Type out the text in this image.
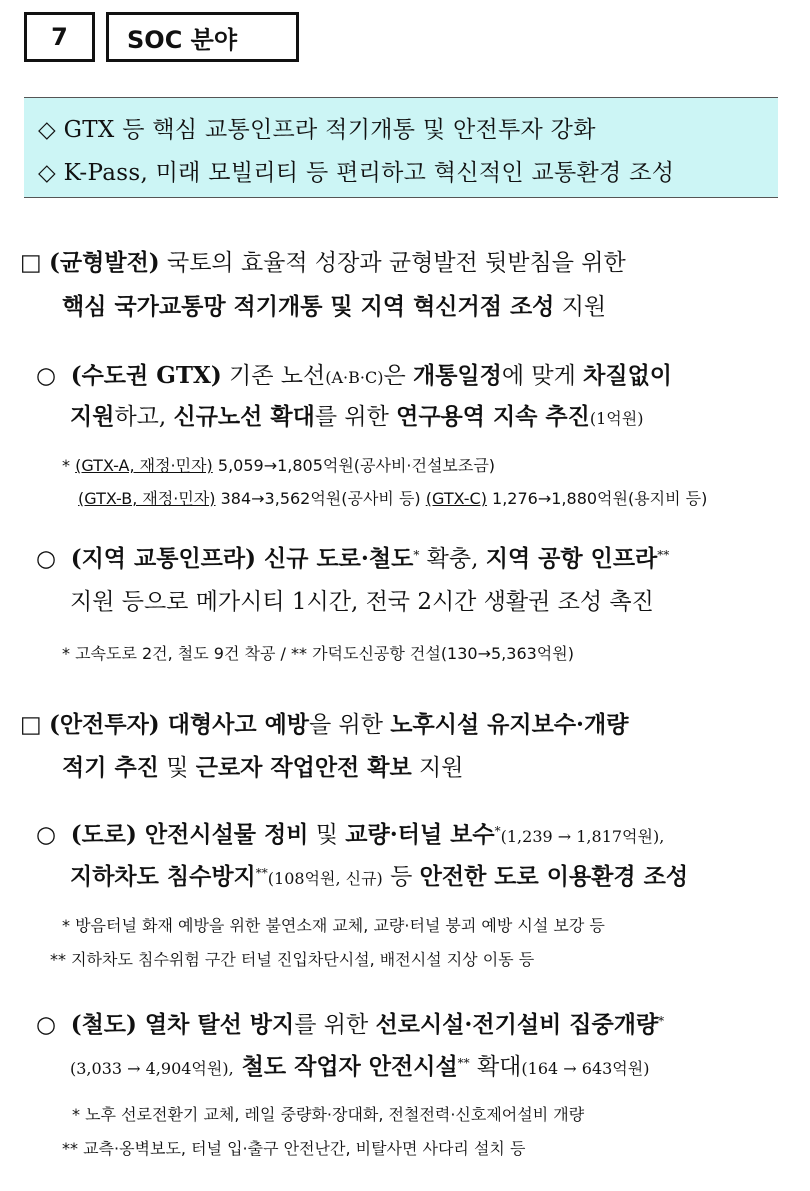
7	SOC 분야
◇ GTX 등 핵심 교통인프라 적기개통 및 안전투자 강화
◇ K-Pass, 미래 모빌리티 등 편리하고 혁신적인 교통환경 조성
□ (균형발전) 국토의 효율적 성장과 균형발전 뒷받침을 위한
핵심 국가교통망 적기개통 및 지역 혁신거점 조성 지원
○ (수도권 GTX) 기존 노선(A·B·C)은 개통일정에 맞게 차질없이
지원하고, 신규노선 확대를 위한 연구용역 지속 추진(1억원)
* (GTX-A, 재정·민자) 5,059→1,805억원(공사비·건설보조금)
(GTX-B, 재정·민자) 384→3,562억원(공사비 등) (GTX-C) 1,276→1,880억원(용지비 등)
○ (지역 교통인프라) 신규 도로·철도* 확충, 지역 공항 인프라**
지원 등으로 메가시티 1시간, 전국 2시간 생활권 조성 촉진
* 고속도로 2건, 철도 9건 착공 / ** 가덕도신공항 건설(130→5,363억원)
□ (안전투자) 대형사고 예방을 위한 노후시설 유지보수·개량
적기 추진 및 근로자 작업안전 확보 지원
○ (도로) 안전시설물 정비 및 교량·터널 보수*(1,239 → 1,817억원),
지하차도 침수방지**(108억원, 신규) 등 안전한 도로 이용환경 조성
* 방음터널 화재 예방을 위한 불연소재 교체, 교량·터널 붕괴 예방 시설 보강 등
** 지하차도 침수위험 구간 터널 진입차단시설, 배전시설 지상 이동 등
○ (철도) 열차 탈선 방지를 위한 선로시설·전기설비 집중개량*
(3,033 → 4,904억원), 철도 작업자 안전시설** 확대(164 → 643억원)
* 노후 선로전환기 교체, 레일 중량화·장대화, 전철전력·신호제어설비 개량
** 교측·옹벽보도, 터널 입·출구 안전난간, 비탈사면 사다리 설치 등
